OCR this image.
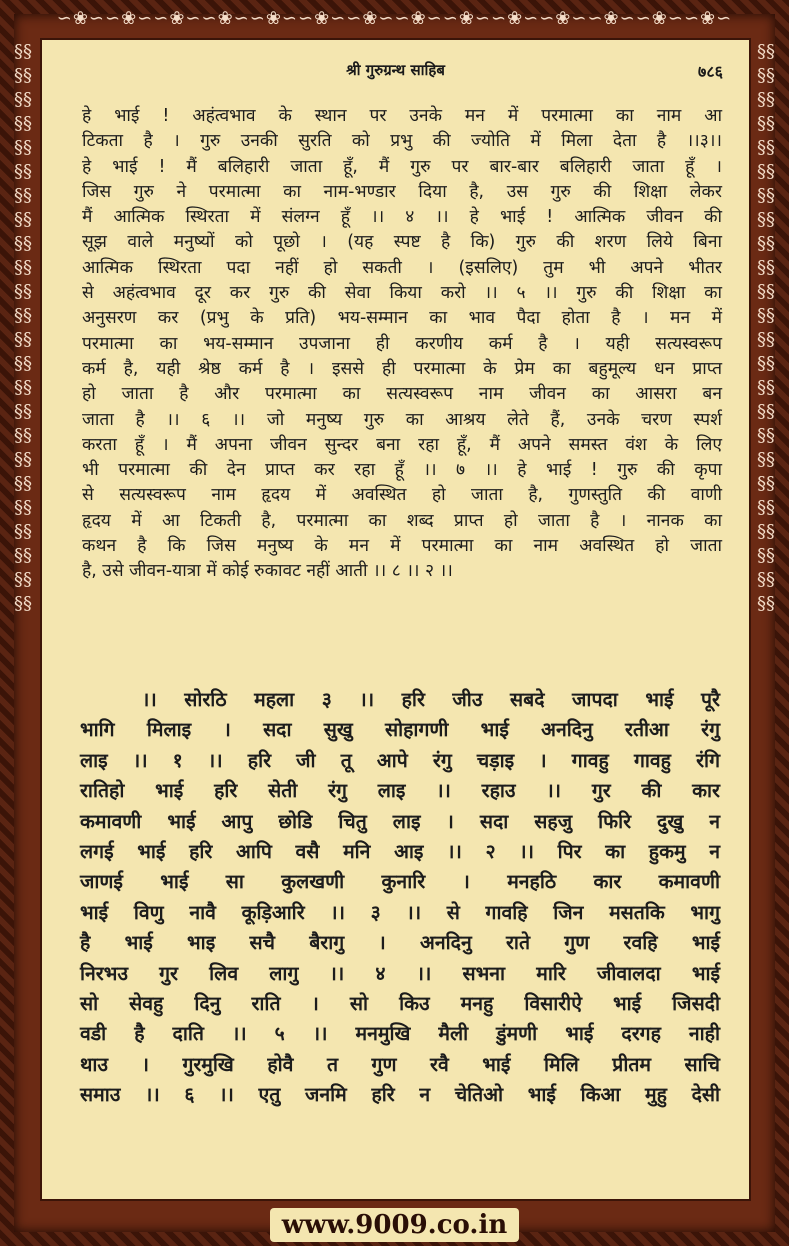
∽❀∽∽❀∽∽❀∽∽❀∽∽❀∽∽❀∽∽❀∽∽❀∽∽❀∽∽❀∽∽❀∽∽❀∽∽❀∽∽❀∽
§§§§§§§§§§§§§§§§§§§§§§§§§§§§§§§§§§§§§§§§§§§§§§§§
§§§§§§§§§§§§§§§§§§§§§§§§§§§§§§§§§§§§§§§§§§§§§§§§
श्री गुरुग्रन्थ साहिब	७८६

हे भाई ! अहंत्वभाव के स्थान पर उनके मन में परमात्मा का नाम आ

टिकता है । गुरु उनकी सुरति को प्रभु की ज्योति में मिला देता है ।।३।।

हे भाई ! मैं बलिहारी जाता हूँ, मैं गुरु पर बार-बार बलिहारी जाता हूँ ।

जिस गुरु ने परमात्मा का नाम-भण्डार दिया है, उस गुरु की शिक्षा लेकर

मैं आत्मिक स्थिरता में संलग्न हूँ ।। ४ ।। हे भाई ! आत्मिक जीवन की

सूझ वाले मनुष्यों को पूछो । (यह स्पष्ट है कि) गुरु की शरण लिये बिना

आत्मिक स्थिरता पदा नहीं हो सकती । (इसलिए) तुम भी अपने भीतर

से अहंत्वभाव दूर कर गुरु की सेवा किया करो ।। ५ ।। गुरु की शिक्षा का

अनुसरण कर (प्रभु के प्रति) भय-सम्मान का भाव पैदा होता है । मन में

परमात्मा का भय-सम्मान उपजाना ही करणीय कर्म है । यही सत्यस्वरूप

कर्म है, यही श्रेष्ठ कर्म है । इससे ही परमात्मा के प्रेम का बहुमूल्य धन प्राप्त

हो जाता है और परमात्मा का सत्यस्वरूप नाम जीवन का आसरा बन

जाता है ।। ६ ।। जो मनुष्य गुरु का आश्रय लेते हैं, उनके चरण स्पर्श

करता हूँ । मैं अपना जीवन सुन्दर बना रहा हूँ, मैं अपने समस्त वंश के लिए

भी परमात्मा की देन प्राप्त कर रहा हूँ ।। ७ ।। हे भाई ! गुरु की कृपा

से सत्यस्वरूप नाम हृदय में अवस्थित हो जाता है, गुणस्तुति की वाणी

हृदय में आ टिकती है, परमात्मा का शब्द प्राप्त हो जाता है । नानक का

कथन है कि जिस मनुष्य के मन में परमात्मा का नाम अवस्थित हो जाता

है, उसे जीवन-यात्रा में कोई रुकावट नहीं आती ।। ८ ।। २ ।।

।। सोरठि महला ३ ।। हरि जीउ सबदे जापदा भाई पूरै

भागि मिलाइ । सदा सुखु सोहागणी भाई अनदिनु रतीआ रंगु

लाइ ।। १ ।। हरि जी तू आपे रंगु चड़ाइ । गावहु गावहु रंगि

रातिहो भाई हरि सेती रंगु लाइ ।। रहाउ ।। गुर की कार

कमावणी भाई आपु छोडि चितु लाइ । सदा सहजु फिरि दुखु न

लगई भाई हरि आपि वसै मनि आइ ।। २ ।। पिर का हुकमु न

जाणई भाई सा कुलखणी कुनारि । मनहठि कार कमावणी

भाई विणु नावै कूड़िआरि ।। ३ ।। से गावहि जिन मसतकि भागु

है भाई भाइ सचै बैरागु । अनदिनु राते गुण रवहि भाई

निरभउ गुर लिव लागु ।। ४ ।। सभना मारि जीवालदा भाई

सो सेवहु दिनु राति । सो किउ मनहु विसारीऐ भाई जिसदी

वडी है दाति ।। ५ ।। मनमुखि मैली डुंमणी भाई दरगह नाही

थाउ । गुरमुखि होवै त गुण रवै भाई मिलि प्रीतम साचि

समाउ ।। ६ ।। एतु जनमि हरि न चेतिओ भाई किआ मुहु देसी

www.9009.co.in
